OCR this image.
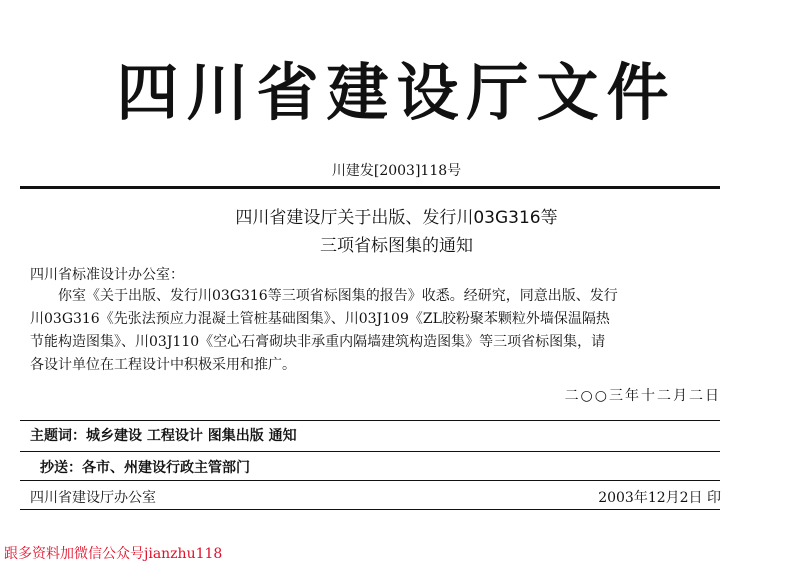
四川省建设厅文件
川建发[2003]118号
四川省建设厅关于出版、发行川03G316等
三项省标图集的通知
四川省标准设计办公室：
你室《关于出版、发行川03G316等三项省标图集的报告》收悉。经研究，同意出版、发行
川03G316《先张法预应力混凝土管桩基础图集》、川03J109《ZL胶粉聚苯颗粒外墙保温隔热
节能构造图集》、川03J110《空心石膏砌块非承重内隔墙建筑构造图集》等三项省标图集，请
各设计单位在工程设计中积极采用和推广。
二○○三年十二月二日
主题词：城乡建设 工程设计 图集出版 通知
抄送：各市、州建设行政主管部门
四川省建设厅办公室	2003年12月2日 印
跟多资料加微信公众号jianzhu118
